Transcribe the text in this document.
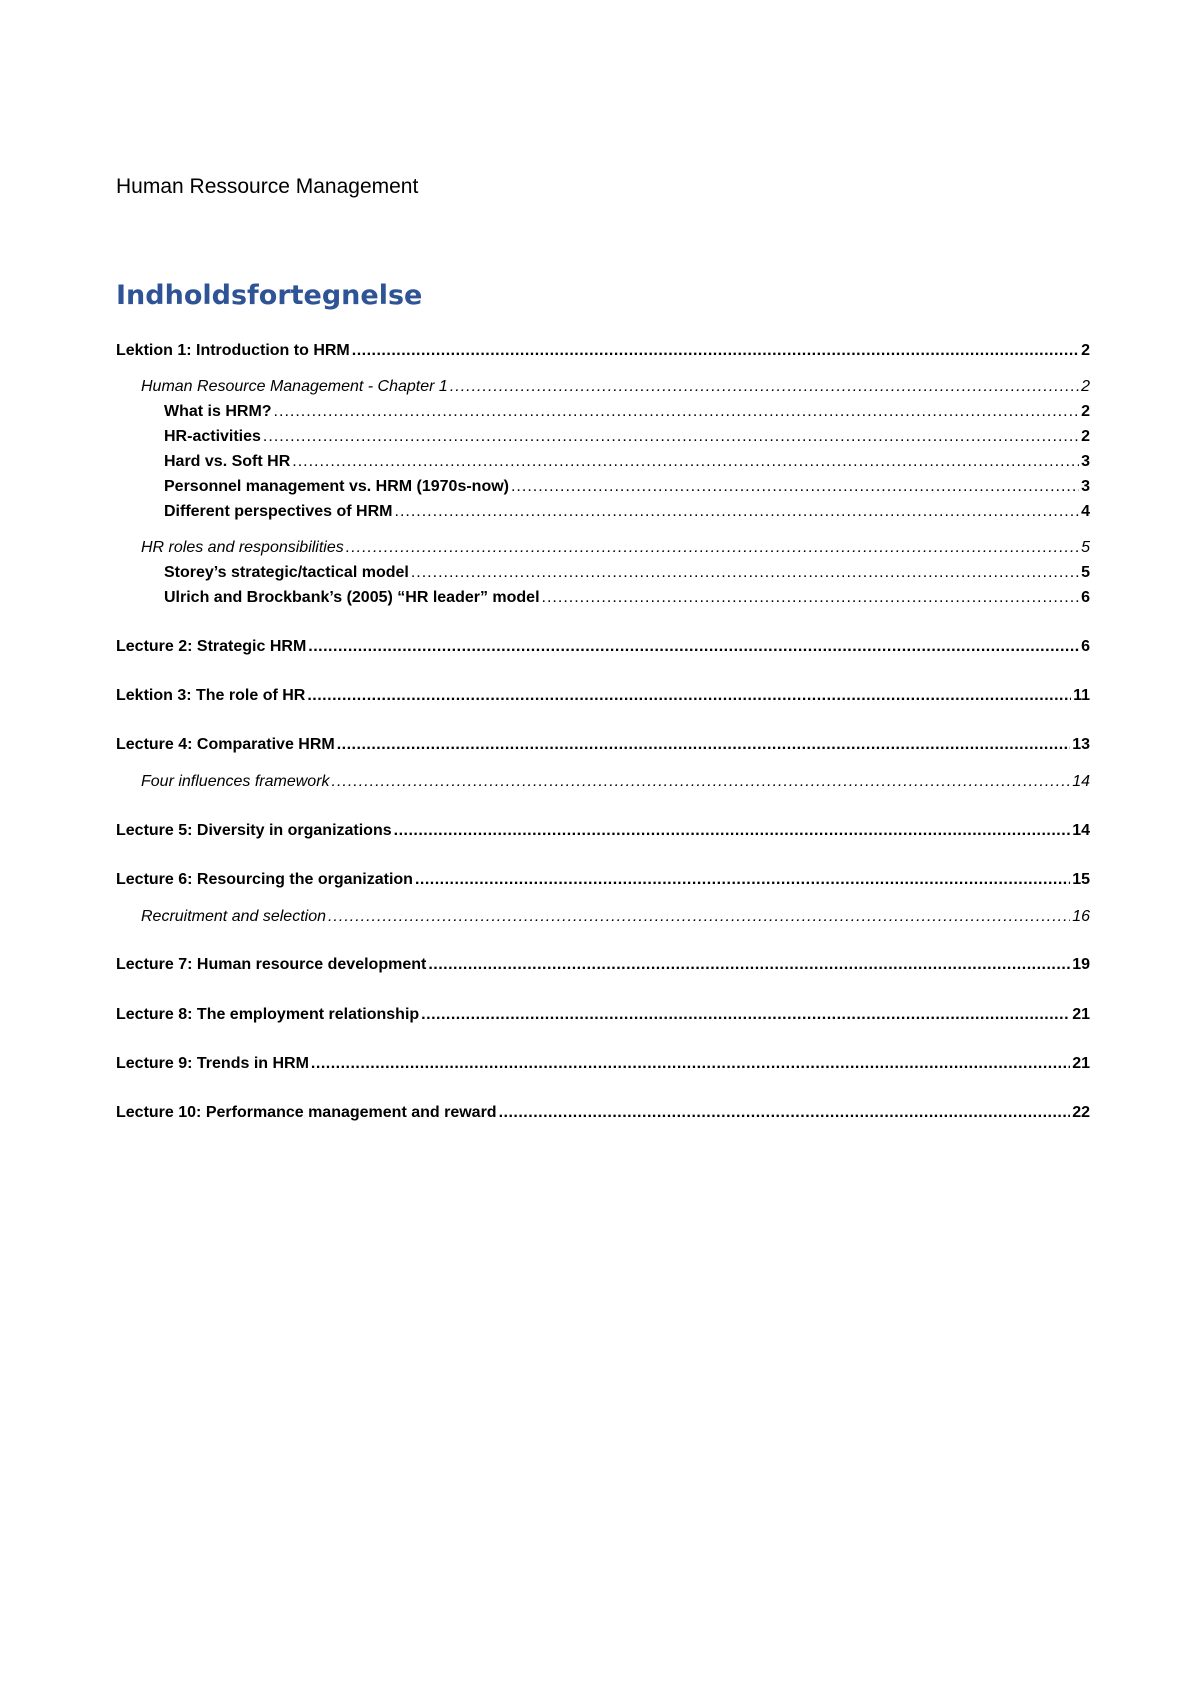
Human Ressource Management
Indholdsfortegnelse
Lektion 1: Introduction to HRM .....	2
Human Resource Management - Chapter 1 .....	2
What is HRM? .....	2
HR-activities .....	2
Hard vs. Soft HR .....	3
Personnel management vs. HRM (1970s-now) .....	3
Different perspectives of HRM .....	4
HR roles and responsibilities .....	5
Storey’s strategic/tactical model .....	5
Ulrich and Brockbank’s (2005) “HR leader” model .....	6
Lecture 2: Strategic HRM .....	6
Lektion 3: The role of HR .....	11
Lecture 4: Comparative HRM .....	13
Four influences framework .....	14
Lecture 5: Diversity in organizations .....	14
Lecture 6: Resourcing the organization .....	15
Recruitment and selection .....	16
Lecture 7: Human resource development .....	19
Lecture 8: The employment relationship .....	21
Lecture 9: Trends in HRM .....	21
Lecture 10: Performance management and reward .....	22
